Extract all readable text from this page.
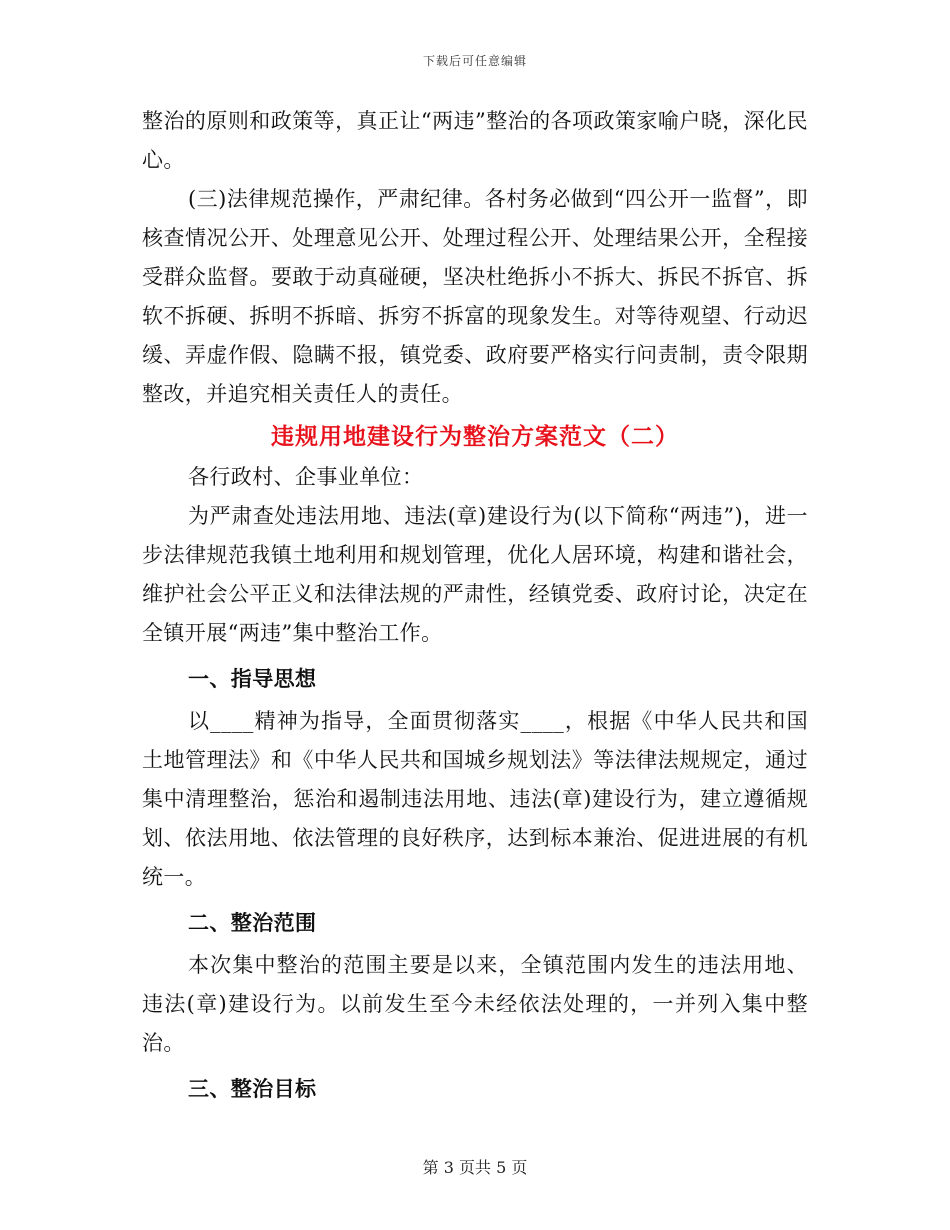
下载后可任意编辑

整治的原则和政策等，真正让“两违”整治的各项政策家喻户晓，深化民心。

(三)法律规范操作，严肃纪律。各村务必做到“四公开一监督”，即核查情况公开、处理意见公开、处理过程公开、处理结果公开，全程接受群众监督。要敢于动真碰硬，坚决杜绝拆小不拆大、拆民不拆官、拆软不拆硬、拆明不拆暗、拆穷不拆富的现象发生。对等待观望、行动迟缓、弄虚作假、隐瞒不报，镇党委、政府要严格实行问责制，责令限期整改，并追究相关责任人的责任。

违规用地建设行为整治方案范文（二）

各行政村、企事业单位：

为严肃查处违法用地、违法(章)建设行为(以下简称“两违”)，进一步法律规范我镇土地利用和规划管理，优化人居环境，构建和谐社会，维护社会公平正义和法律法规的严肃性，经镇党委、政府讨论，决定在全镇开展“两违”集中整治工作。

一、指导思想

以____精神为指导，全面贯彻落实____，根据《中华人民共和国土地管理法》和《中华人民共和国城乡规划法》等法律法规规定，通过集中清理整治，惩治和遏制违法用地、违法(章)建设行为，建立遵循规划、依法用地、依法管理的良好秩序，达到标本兼治、促进进展的有机统一。

二、整治范围

本次集中整治的范围主要是以来，全镇范围内发生的违法用地、违法(章)建设行为。以前发生至今未经依法处理的，一并列入集中整治。

三、整治目标
第 3 页共 5 页
